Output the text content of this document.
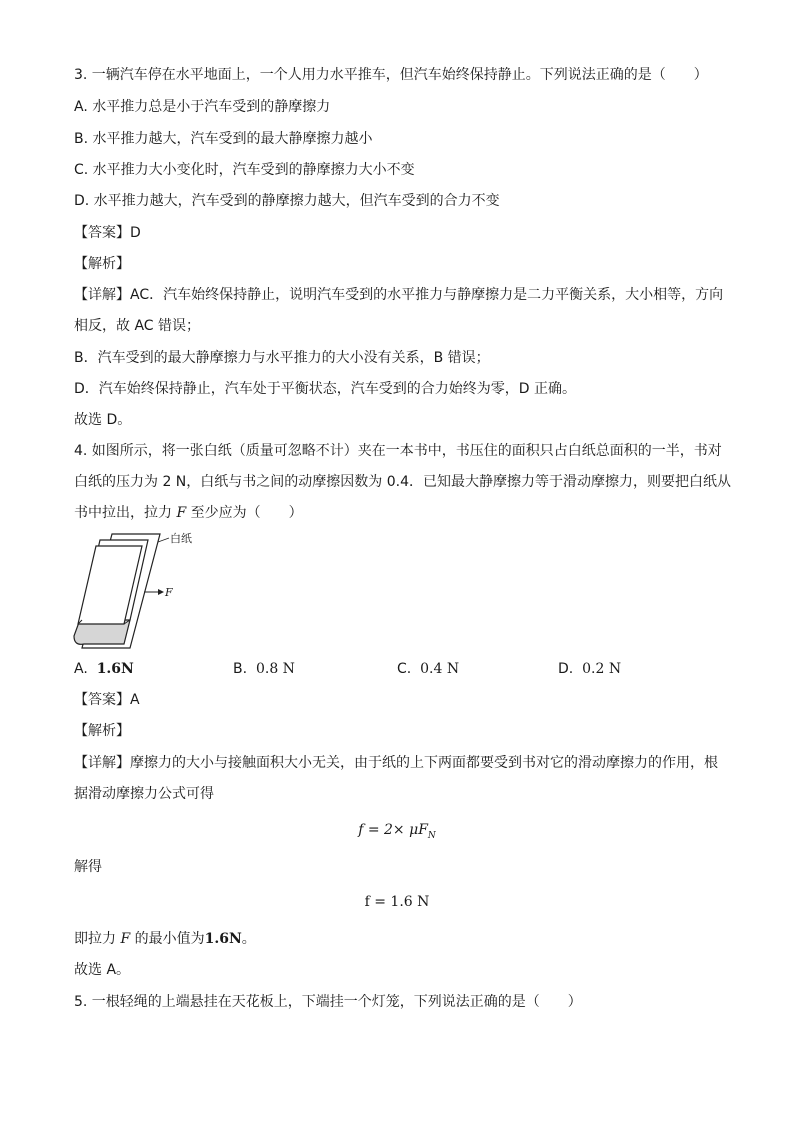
3. 一辆汽车停在水平地面上，一个人用力水平推车，但汽车始终保持静止。下列说法正确的是（　　）
A. 水平推力总是小于汽车受到的静摩擦力
B. 水平推力越大，汽车受到的最大静摩擦力越小
C. 水平推力大小变化时，汽车受到的静摩擦力大小不变
D. 水平推力越大，汽车受到的静摩擦力越大，但汽车受到的合力不变
【答案】D
【解析】
【详解】AC．汽车始终保持静止，说明汽车受到的水平推力与静摩擦力是二力平衡关系，大小相等，方向
相反，故 AC 错误；
B．汽车受到的最大静摩擦力与水平推力的大小没有关系，B 错误；
D．汽车始终保持静止，汽车处于平衡状态，汽车受到的合力始终为零，D 正确。
故选 D。
4. 如图所示，将一张白纸（质量可忽略不计）夹在一本书中，书压住的面积只占白纸总面积的一半，书对
白纸的压力为 2 N，白纸与书之间的动摩擦因数为 0.4．已知最大静摩擦力等于滑动摩擦力，则要把白纸从
书中拉出，拉力 F 至少应为（　　）
白纸
F
A. 1.6N	B. 0.8 N	C. 0.4 N	D. 0.2 N
【答案】A
【解析】
【详解】摩擦力的大小与接触面积大小无关，由于纸的上下两面都要受到书对它的滑动摩擦力的作用，根
据滑动摩擦力公式可得
$f = 2\times \mu F_N$
解得
f = 1.6 N
即拉力 F 的最小值为1.6N。
故选 A。
5. 一根轻绳的上端悬挂在天花板上，下端挂一个灯笼，下列说法正确的是（　　）
